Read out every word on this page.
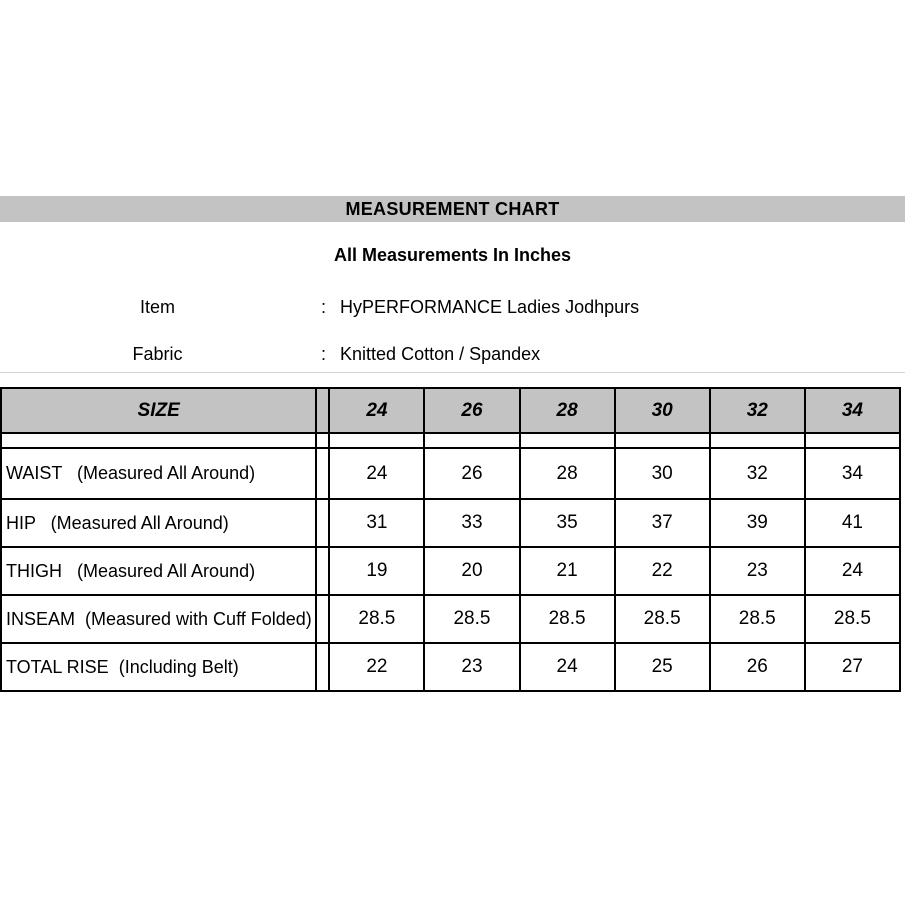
MEASUREMENT CHART
All Measurements In Inches
Item	: HyPERFORMANCE Ladies Jodhpurs
Fabric	: Knitted Cotton / Spandex
SIZE		24	26	28	30	32	34

WAIST   (Measured All Around)		24	26	28	30	32	34
HIP   (Measured All Around)		31	33	35	37	39	41
THIGH   (Measured All Around)		19	20	21	22	23	24
INSEAM  (Measured with Cuff Folded)		28.5	28.5	28.5	28.5	28.5	28.5
TOTAL RISE  (Including Belt)		22	23	24	25	26	27
